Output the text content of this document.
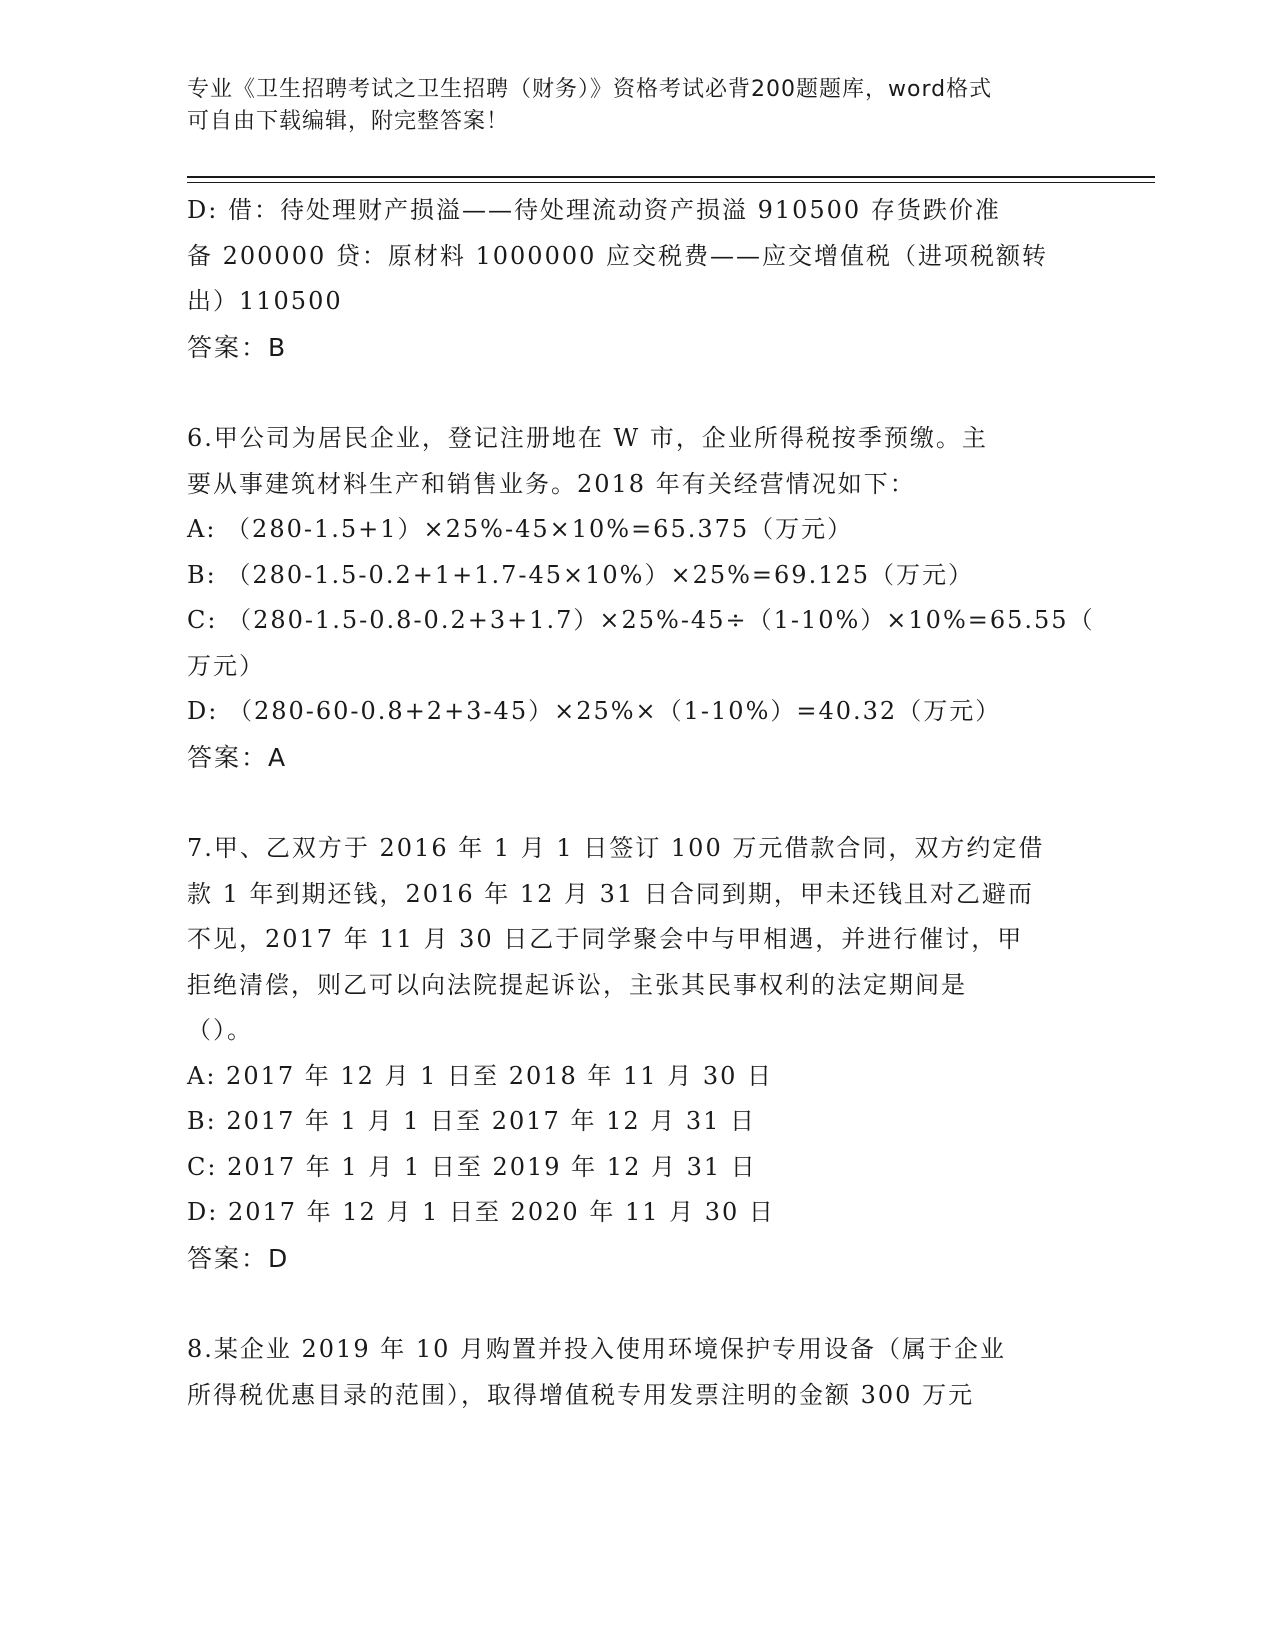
专业《卫生招聘考试之卫生招聘（财务）》资格考试必背200题题库，word格式
可自由下载编辑，附完整答案！
D: 借：待处理财产损溢——待处理流动资产损溢 910500 存货跌价准
备 200000 贷：原材料 1000000 应交税费——应交增值税（进项税额转
出）110500
答案：B
6.甲公司为居民企业，登记注册地在 W 市，企业所得税按季预缴。主
要从事建筑材料生产和销售业务。2018 年有关经营情况如下：
A: （280-1.5+1）×25%-45×10%=65.375（万元）
B: （280-1.5-0.2+1+1.7-45×10%）×25%=69.125（万元）
C: （280-1.5-0.8-0.2+3+1.7）×25%-45÷（1-10%）×10%=65.55（
万元）
D: （280-60-0.8+2+3-45）×25%×（1-10%）=40.32（万元）
答案：A
7.甲、乙双方于 2016 年 1 月 1 日签订 100 万元借款合同，双方约定借
款 1 年到期还钱，2016 年 12 月 31 日合同到期，甲未还钱且对乙避而
不见，2017 年 11 月 30 日乙于同学聚会中与甲相遇，并进行催讨，甲
拒绝清偿，则乙可以向法院提起诉讼，主张其民事权利的法定期间是
（）。
A: 2017 年 12 月 1 日至 2018 年 11 月 30 日
B: 2017 年 1 月 1 日至 2017 年 12 月 31 日
C: 2017 年 1 月 1 日至 2019 年 12 月 31 日
D: 2017 年 12 月 1 日至 2020 年 11 月 30 日
答案：D
8.某企业 2019 年 10 月购置并投入使用环境保护专用设备（属于企业
所得税优惠目录的范围），取得增值税专用发票注明的金额 300 万元
